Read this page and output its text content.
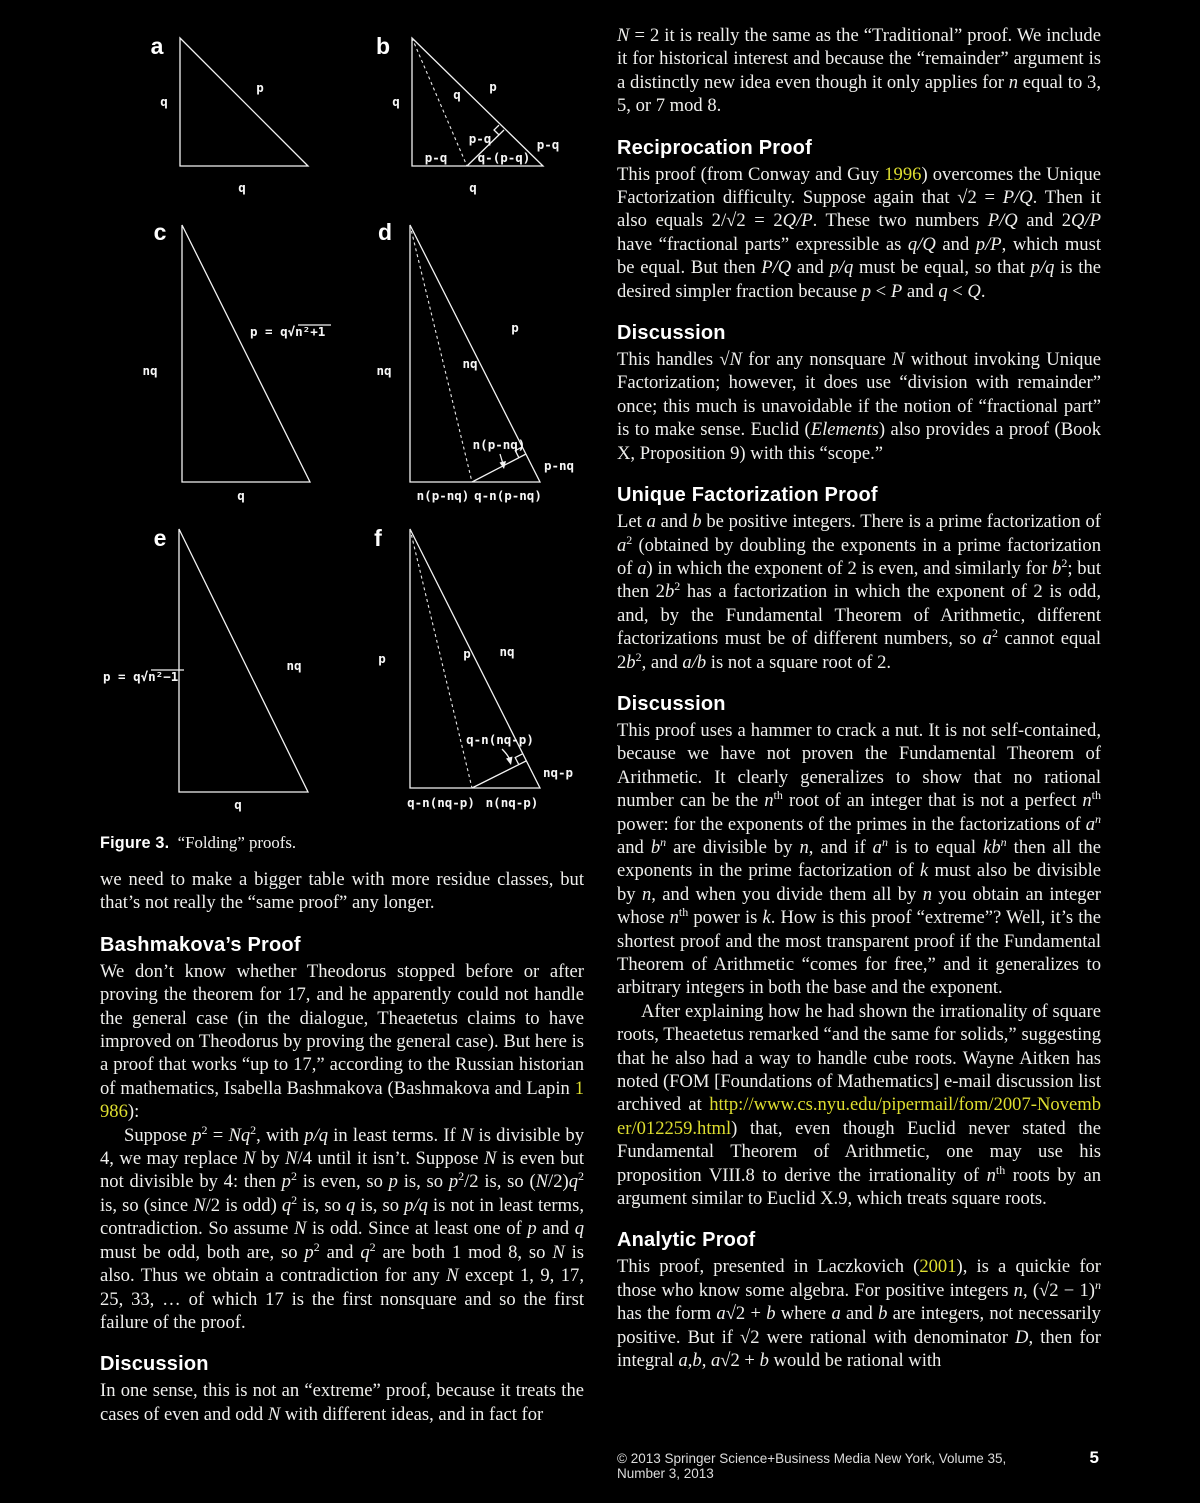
a
q
p
q
b
q	q
p
p-q	p-q
p-q q-(p-q)
q
c
nq
p = q√n²+1
q
d
nq
p
nq
n(p-nq)
p-nq
n(p-nq) q-n(p-nq)
e
p = q√n²−1
nq
q
f
p	p nq
q-n(nq-p)
nq-p
q-n(nq-p) n(nq-p)

Figure 3. “Folding” proofs.

we need to make a bigger table with more residue classes, but that’s not really the “same proof” any longer.

Bashmakova’s Proof

We don’t know whether Theodorus stopped before or after proving the theorem for 17, and he apparently could not handle the general case (in the dialogue, Theaetetus claims to have improved on Theodorus by proving the general case). But here is a proof that works “up to 17,” according to the Russian historian of mathematics, Isabella Bashmakova (Bashmakova and Lapin 1986):

Suppose $p^2 = Nq^2$, with p/q in least terms. If N is divisible by 4, we may replace N by N/4 until it isn’t. Suppose N is even but not divisible by 4: then $p^2$ is even, so p is, so $p^2/2$ is, so $(N/2)q^2$ is, so (since N/2 is odd) $q^2$ is, so q is, so p/q is not in least terms, contradiction. So assume N is odd. Since at least one of p and q must be odd, both are, so $p^2$ and $q^2$ are both 1 mod 8, so N is also. Thus we obtain a contradiction for any N except 1, 9, 17, 25, 33, … of which 17 is the first nonsquare and so the first failure of the proof.

Discussion

In one sense, this is not an “extreme” proof, because it treats the cases of even and odd N with different ideas, and in fact for

N = 2 it is really the same as the “Traditional” proof. We include it for historical interest and because the “remainder” argument is a distinctly new idea even though it only applies for n equal to 3, 5, or 7 mod 8.

Reciprocation Proof

This proof (from Conway and Guy 1996) overcomes the Unique Factorization difficulty. Suppose again that √2 = P/Q. Then it also equals 2/√2 = 2Q/P. These two numbers P/Q and 2Q/P have “fractional parts” expressible as q/Q and p/P, which must be equal. But then P/Q and p/q must be equal, so that p/q is the desired simpler fraction because p < P and q < Q.

Discussion

This handles √N for any nonsquare N without invoking Unique Factorization; however, it does use “division with remainder” once; this much is unavoidable if the notion of “fractional part” is to make sense. Euclid (Elements) also provides a proof (Book X, Proposition 9) with this “scope.”

Unique Factorization Proof

Let a and b be positive integers. There is a prime factorization of $a^2$ (obtained by doubling the exponents in a prime factorization of a) in which the exponent of 2 is even, and similarly for $b^2$; but then $2b^2$ has a factorization in which the exponent of 2 is odd, and, by the Fundamental Theorem of Arithmetic, different factorizations must be of different numbers, so $a^2$ cannot equal $2b^2$, and a/b is not a square root of 2.

Discussion

This proof uses a hammer to crack a nut. It is not self-contained, because we have not proven the Fundamental Theorem of Arithmetic. It clearly generalizes to show that no rational number can be the $n^{th}$ root of an integer that is not a perfect $n^{th}$ power: for the exponents of the primes in the factorizations of $a^n$ and $b^n$ are divisible by n, and if $a^n$ is to equal $kb^n$ then all the exponents in the prime factorization of k must also be divisible by n, and when you divide them all by n you obtain an integer whose $n^{th}$ power is k. How is this proof “extreme”? Well, it’s the shortest proof and the most transparent proof if the Fundamental Theorem of Arithmetic “comes for free,” and it generalizes to arbitrary integers in both the base and the exponent.

After explaining how he had shown the irrationality of square roots, Theaetetus remarked “and the same for solids,” suggesting that he also had a way to handle cube roots. Wayne Aitken has noted (FOM [Foundations of Mathematics] e-mail discussion list archived at http://www.cs.nyu.edu/pipermail/fom/2007-November/012259.html) that, even though Euclid never stated the Fundamental Theorem of Arithmetic, one may use his proposition VIII.8 to derive the irrationality of $n^{th}$ roots by an argument similar to Euclid X.9, which treats square roots.

Analytic Proof

This proof, presented in Laczkovich (2001), is a quickie for those who know some algebra. For positive integers n, $(√2 - 1)^n$ has the form a√2 + b where a and b are integers, not necessarily positive. But if √2 were rational with denominator D, then for integral a,b, a√2 + b would be rational with

© 2013 Springer Science+Business Media New York, Volume 35, Number 3, 2013
5
